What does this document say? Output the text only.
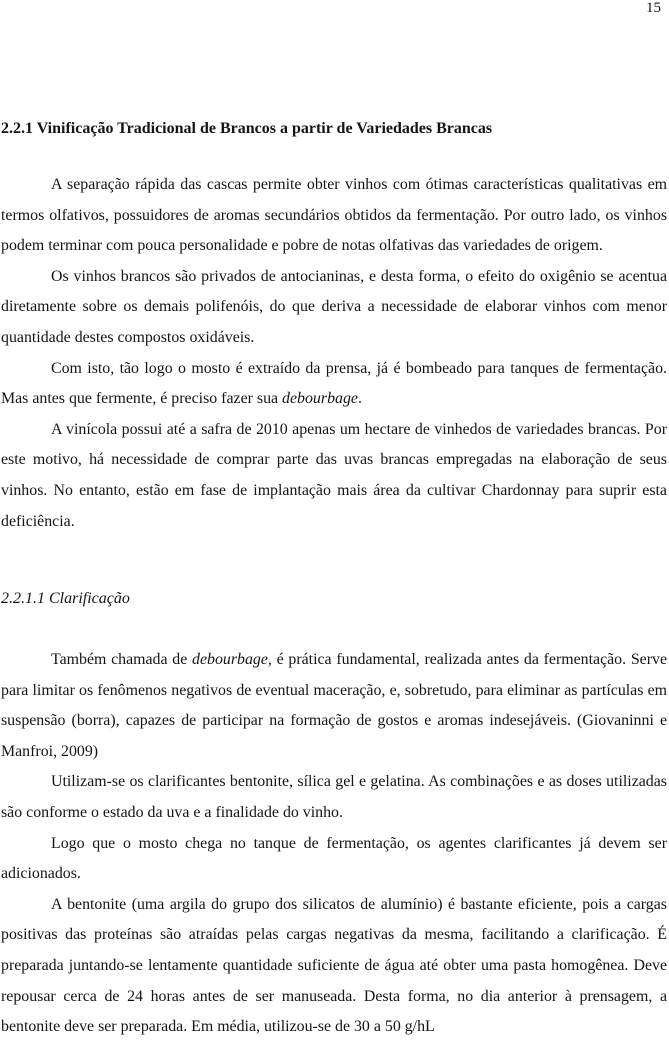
15
2.2.1 Vinificação Tradicional de Brancos a partir de Variedades Brancas

A separação rápida das cascas permite obter vinhos com ótimas características qualitativas em termos olfativos, possuidores de aromas secundários obtidos da fermentação. Por outro lado, os vinhos podem terminar com pouca personalidade e pobre de notas olfativas das variedades de origem.

Os vinhos brancos são privados de antocianinas, e desta forma, o efeito do oxigênio se acentua diretamente sobre os demais polifenóis, do que deriva a necessidade de elaborar vinhos com menor quantidade destes compostos oxidáveis.

Com isto, tão logo o mosto é extraído da prensa, já é bombeado para tanques de fermentação. Mas antes que fermente, é preciso fazer sua debourbage.

A vinícola possui até a safra de 2010 apenas um hectare de vinhedos de variedades brancas. Por este motivo, há necessidade de comprar parte das uvas brancas empregadas na elaboração de seus vinhos. No entanto, estão em fase de implantação mais área da cultivar Chardonnay para suprir esta deficiência.

2.2.1.1 Clarificação

Também chamada de debourbage, é prática fundamental, realizada antes da fermentação. Serve para limitar os fenômenos negativos de eventual maceração, e, sobretudo, para eliminar as partículas em suspensão (borra), capazes de participar na formação de gostos e aromas indesejáveis. (Giovaninni e Manfroi, 2009)

Utilizam-se os clarificantes bentonite, sílica gel e gelatina. As combinações e as doses utilizadas são conforme o estado da uva e a finalidade do vinho.

Logo que o mosto chega no tanque de fermentação, os agentes clarificantes já devem ser adicionados.

A bentonite (uma argila do grupo dos silicatos de alumínio) é bastante eficiente, pois a cargas positivas das proteínas são atraídas pelas cargas negativas da mesma, facilitando a clarificação. É preparada juntando-se lentamente quantidade suficiente de água até obter uma pasta homogênea. Deve repousar cerca de 24 horas antes de ser manuseada. Desta forma, no dia anterior à prensagem, a bentonite deve ser preparada. Em média, utilizou-se de 30 a 50 g/hL
